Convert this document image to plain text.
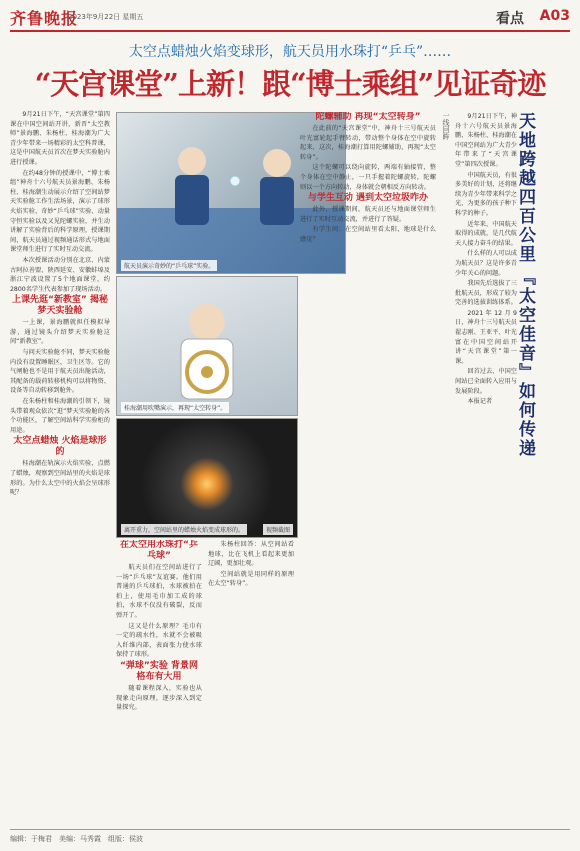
齐鲁晚报
2023年9月22日 星期五	看点 A03
太空点蜡烛火焰变球形，航天员用水珠打“乒乓”……
“天宫课堂”上新！跟“博士乘组”见证奇迹

9月21日下午，“天宫课堂”第四课在中国空间站开讲，新晋“太空教师”景海鹏、朱杨柱、桂海潮为广大青少年带来一场精彩的太空科普课，这是中国航天员首次在梦天实验舱内进行授课。

在约48分钟的授课中，“博士乘组”神舟十六号航天员景海鹏、朱杨柱、桂海潮生动展示介绍了空间站梦天实验舱工作生活场景，演示了球形火焰实验、奇妙“乒乓球”实验、动量守恒实验以及又见陀螺实验，并生动讲解了实验背后的科学原理，授课期间，航天员通过视频通话形式与地面课堂师生进行了实时互动交流。

本次授课活动分别在北京、内蒙古阿拉善盟、陕西延安、安徽蚌埠及浙江宁波设置了5个地面课堂，约2800名学生代表参加了现场活动。

上课先逛“新教室” 揭秘梦天实验舱

一上课，景海鹏就担任模拟导游，通过镜头介绍梦天实验舱这间“新教室”。

与问天实验舱不同，梦天实验舱内没有设置睡眠区，卫生区等。它的气闸舱也不是用于航天员出舱活动，其配备的载荷转移机构可以将物资、设备等自动转移到舱外。

在朱杨柱和桂海潮的引领下，镜头带着观众依次“逛”梦天实验舱的各个功能区，了解空间站科学实验柜的用途。

太空点蜡烛 火焰是球形的

桂海潮在轨演示火焰实验，点燃了蜡烛，观察到空间站里的火焰是球形的。为什么太空中的火焰会呈球形呢？

航天员演示奇妙的“乒乓球”实验。
桂海潮用吹嘴演示，再现“太空转身”。
离开重力，空间站里的蜡烛火焰变成球形的。	视频截图

在太空用水珠打“乒乓球”

航天员们在空间站进行了一场“乒乓球”友谊赛。他们用普通的乒乓球拍，水球被拍在拍上，使用毛巾加工成的球拍，水球不仅没有破裂，反而弹开了。

这又是什么原理？毛巾有一定的疏水性，水就不会被吸入纤维内部，表面张力使水球保持了球形。

“弹球”实验 背景网格布有大用

随着课程深入，实验也从现象走向原理，逐步深入到定量探究。

朱杨柱回答：从空间站看地球，比在飞机上看起来更加辽阔，更加壮观。

空间站就是用同样的原理在太空“转身”。

陀螺辅助 再现“太空转身”

在此前的“天宫课堂”中，神舟十三号航天员叶光富轮起手臂转动，带动整个身体在空中旋转起来，这次，桂海潮打算用陀螺辅助，再现“太空转身”。

这个陀螺可以绕向旋转，两端有轴接管，整个身体在空中静止，一只手握着陀螺旋转，陀螺则以一个方向转动，身体就会朝相反方向转动。

与学生互动 遇到太空垃圾咋办

此外，授课期间，航天员还与地面课堂师生进行了实时互动交流，并进行了答疑。

有学生问：在空间站里看太阳，地球是什么感觉？

一线回眸	9月21日下午，神舟十六号航天员景海鹏、朱杨柱、桂海潮在中国空间站为广大青少年带来了“天宫课堂”第四次授课。

中国航天员，有很多美好的计划，还将继续为青少年带来科学之光，为更多的孩子种下科学的种子。

近年来，中国航天取得的成就，是几代航天人接力奋斗的结果。

什么样的人可以成为航天员？这是许多青少年关心的问题。

我国先后选拔了三批航天员，形成了较为完善的选拔训练体系。

2021年12月9日，神舟十三号航天员翟志刚、王亚平、叶光富在中国空间站开讲“天宫课堂”第一课。

回首过去，中国空间站已全面转入应用与发展阶段。

本报记者

天地跨越四百公里
『太空佳音』如何传递
编辑：于梅君　美编：马秀霞　组版：侯波
